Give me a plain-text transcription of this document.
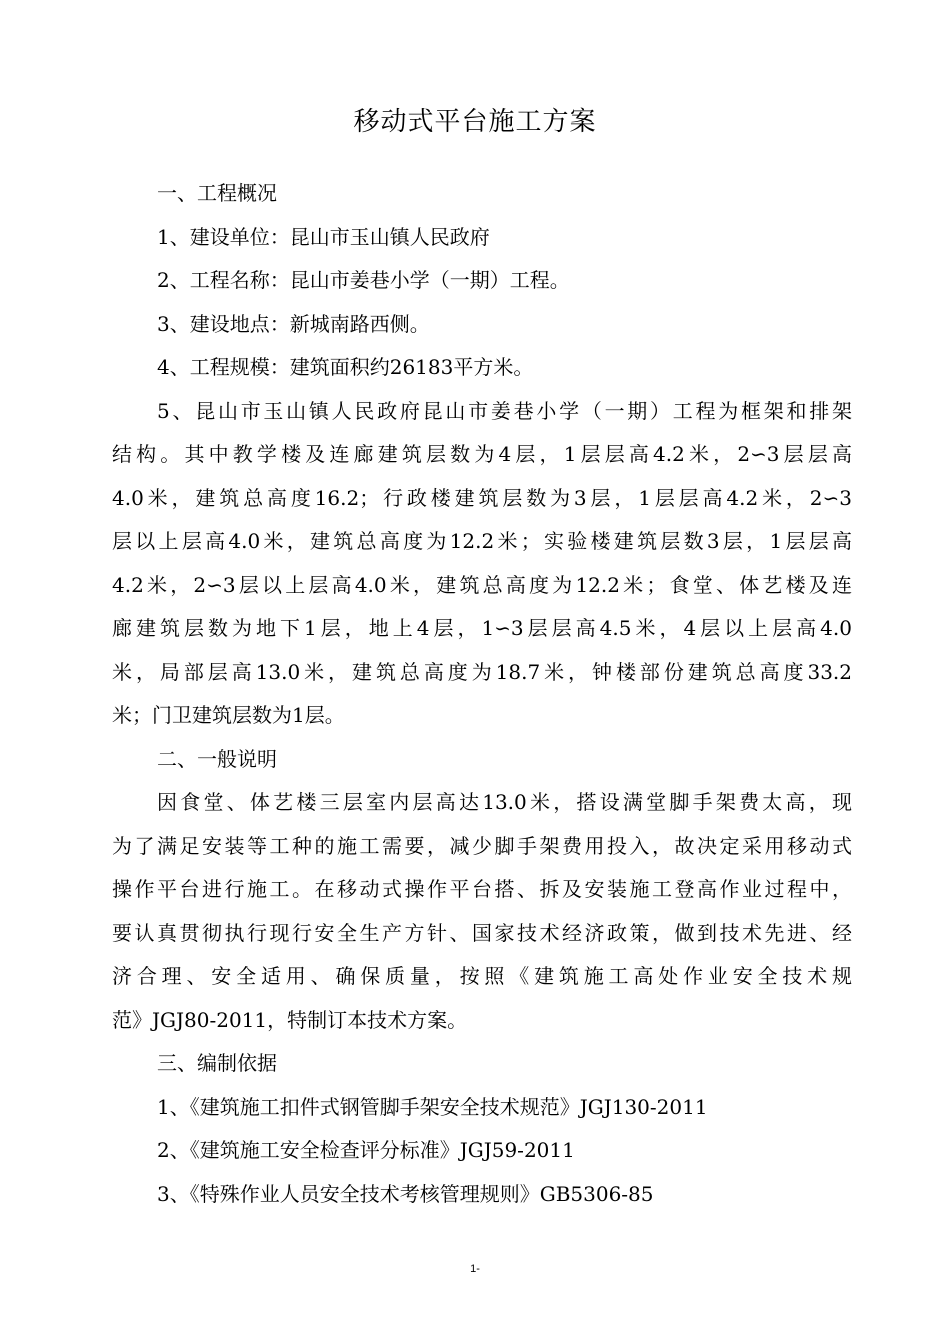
移动式平台施工方案
一、工程概况
1、建设单位：昆山市玉山镇人民政府
2、工程名称：昆山市姜巷小学（一期）工程。
3、建设地点：新城南路西侧。
4、工程规模：建筑面积约26183平方米。
5、昆山市玉山镇人民政府昆山市姜巷小学（一期）工程为框架和排架
结构。其中教学楼及连廊建筑层数为4层，1层层高4.2米，2∽3层层高
4.0米，建筑总高度16.2；行政楼建筑层数为3层，1层层高4.2米，2∽3
层以上层高4.0米，建筑总高度为12.2米；实验楼建筑层数3层，1层层高
4.2米，2∽3层以上层高4.0米，建筑总高度为12.2米；食堂、体艺楼及连
廊建筑层数为地下1层，地上4层，1∽3层层高4.5米，4层以上层高4.0
米，局部层高13.0米，建筑总高度为18.7米，钟楼部份建筑总高度33.2
米；门卫建筑层数为1层。
二、一般说明
因食堂、体艺楼三层室内层高达13.0米，搭设满堂脚手架费太高，现
为了满足安装等工种的施工需要，减少脚手架费用投入，故决定采用移动式
操作平台进行施工。在移动式操作平台搭、拆及安装施工登高作业过程中，
要认真贯彻执行现行安全生产方针、国家技术经济政策，做到技术先进、经
济合理、安全适用、确保质量，按照《建筑施工高处作业安全技术规
范》JGJ80-2011，特制订本技术方案。
三、编制依据
1、《建筑施工扣件式钢管脚手架安全技术规范》JGJ130-2011
2、《建筑施工安全检查评分标准》JGJ59-2011
3、《特殊作业人员安全技术考核管理规则》GB5306-85
1-
